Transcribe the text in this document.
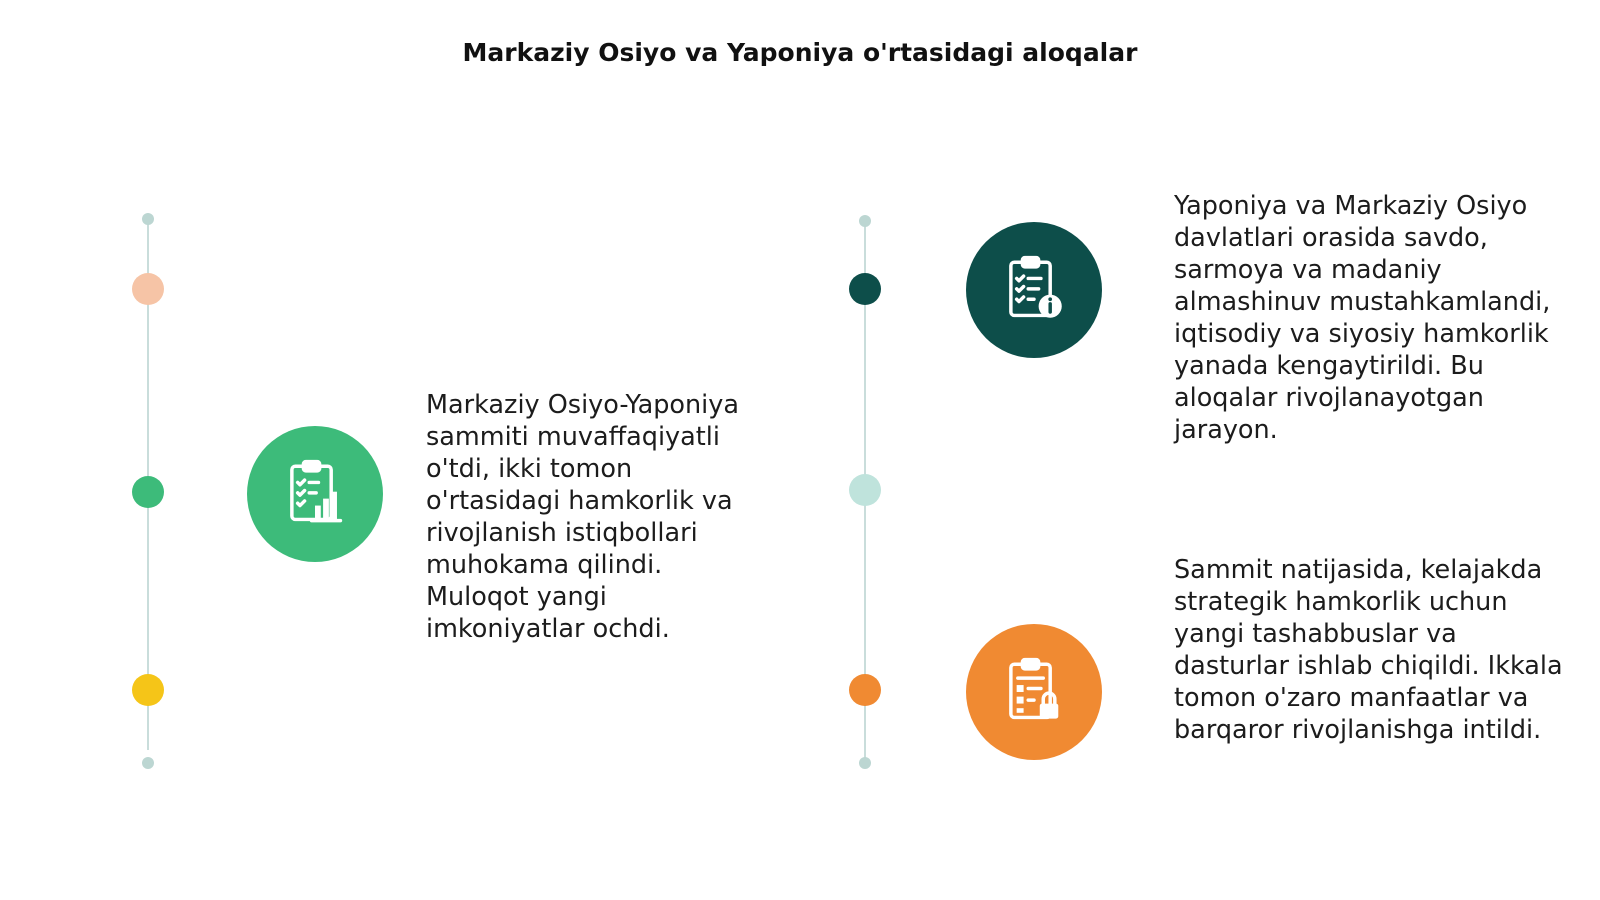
Markaziy Osiyo va Yaponiya o'rtasidagi aloqalar
Markaziy Osiyo-Yaponiya sammiti muvaffaqiyatli o'tdi, ikki tomon o'rtasidagi hamkorlik va rivojlanish istiqbollari muhokama qilindi. Muloqot yangi imkoniyatlar ochdi.
Yaponiya va Markaziy Osiyo davlatlari orasida savdo, sarmoya va madaniy almashinuv mustahkamlandi, iqtisodiy va siyosiy hamkorlik yanada kengaytirildi. Bu aloqalar rivojlanayotgan jarayon.
Sammit natijasida, kelajakda strategik hamkorlik uchun yangi tashabbuslar va dasturlar ishlab chiqildi. Ikkala tomon o'zaro manfaatlar va barqaror rivojlanishga intildi.
